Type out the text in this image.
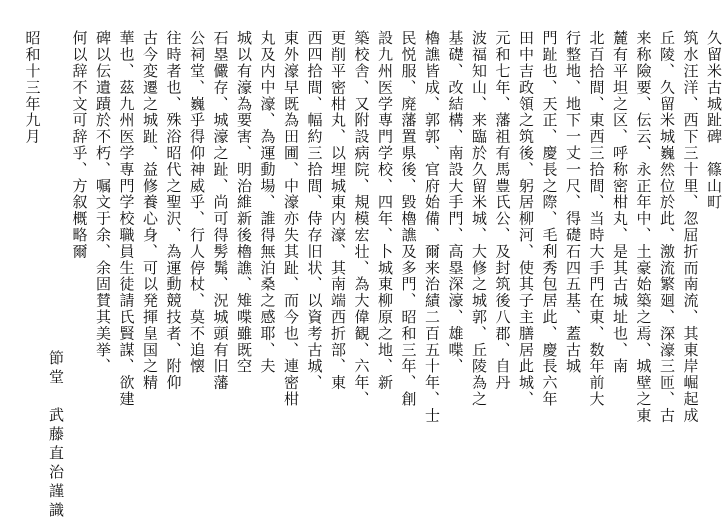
久留米古城趾碑　篠山町
筑水汪洋、西下三十里、忽屈折而南流、其東岸崛起成
丘陵、久留米城巍然位於此、激流繁廻、深濠三匝、古
来称險要、伝云、永正年中、土豪始築之焉、城壁之東
麓有平坦之区、呼称密柑丸、是其古城址也、南
北百拾間、東西三拾間、当時大手門在東、数年前大
行整地、地下一丈一尺、得礎石四五基、蓋古城
門趾也、天正、慶長之際、毛利秀包居此、慶長六年
田中吉政領之筑後、躬居柳河、使其子主膳居此城、
元和七年、藩祖有馬豊氏公、及封筑後八郡、自丹
波福知山、来臨於久留米城、大修之城郭、丘陵為之
基礎、改結構、南設大手門、高塁深濠、雄喋、
櫓譙皆成、郭郭、官府始備、爾来治績二百五十年、士
民悦服、廃藩置県後、毀櫓譙及多門、昭和三年、創
設九州医学専門学校、四年、卜城東柳原之地、新
築校舎、又附設病院、規模宏壮、為大偉観、六年、
更削平密柑丸、以埋城東内濠、其南端西折部、東
西四拾間、幅約三拾間、侍存旧状、以資考古城、
東外濠早既為田圃、中濠亦失其趾、而今也、連密柑
丸及内中濠、為運動場、誰得無泊桑之感耶、夫
城以有濠為要害、明治維新後櫓譙、雉喋雖既空
石塁儼存、城濠之趾、尚可得髣髴、況城頭有旧藩
公祠堂、巍乎得仰神威乎、行人停杖、莫不追懐
往時者也、殊浴昭代之聖沢、為運動競技者、附仰
古今変遷之城趾、益修養心身、可以発揮皇国之精
華也、茲九州医学専門学校職員生徒請氏賢謀、欲建
碑以伝遺蹟於不朽、嘱文于余、余固賛其美挙、
何以辞不文可辞乎、方叙概略爾
節堂　武藤直治謹識
昭和十三年九月
